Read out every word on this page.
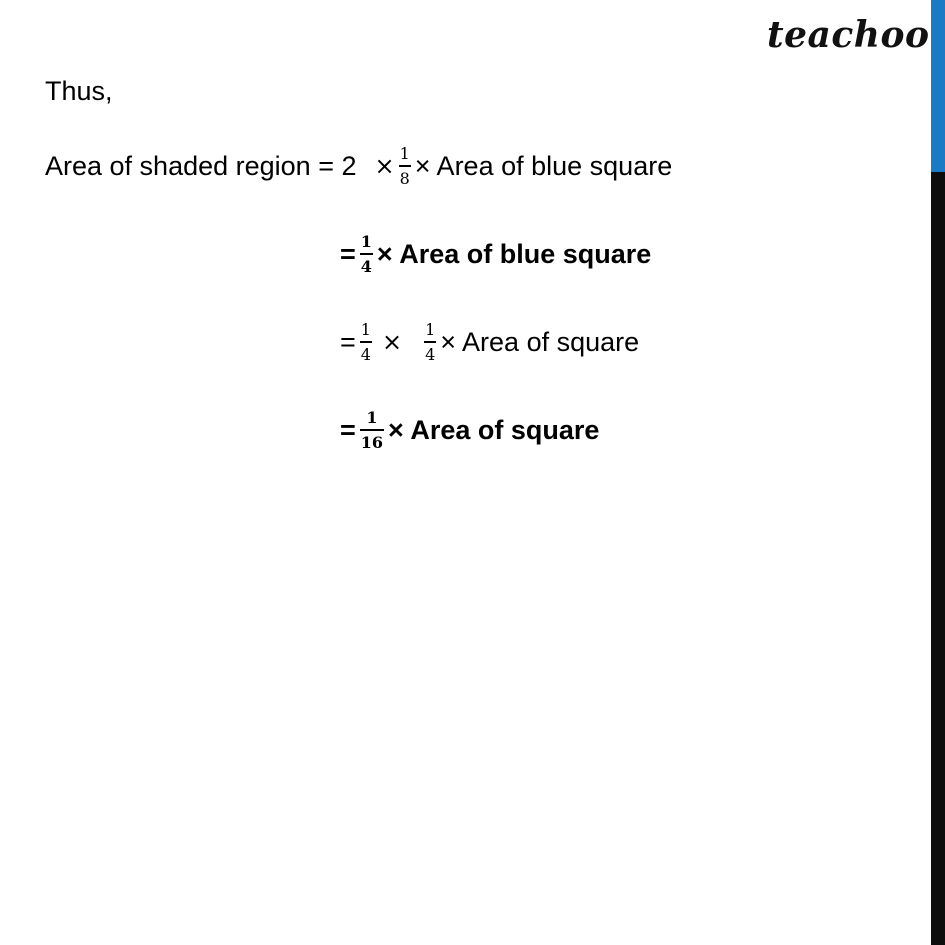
teachoo
Thus,
Area of shaded region = $2 \times \frac{1}{8}$ × Area of blue square
= $\frac{1}{4}$ × Area of blue square
= $\frac{1}{4} \times \frac{1}{4}$ × Area of square
= $\frac{1}{16}$ × Area of square
